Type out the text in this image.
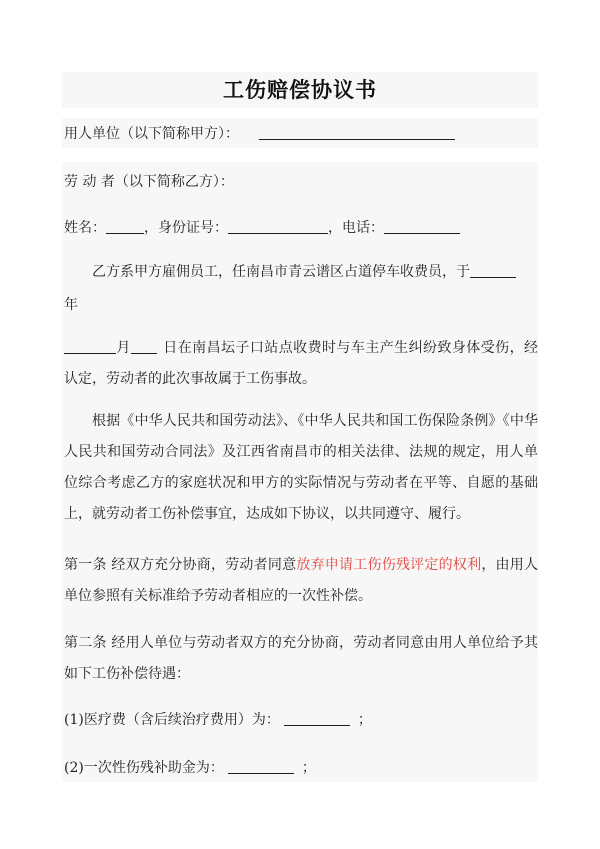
工伤赔偿协议书
用人单位（以下简称甲方）：
劳 动 者（以下简称乙方）：
姓名：	，身份证号：	，电话：
乙方系甲方雇佣员工，任南昌市青云谱区占道停车收费员，于
年
月 日在南昌坛子口站点收费时与车主产生纠纷致身体受伤，经认定，劳动者的此次事故属于工伤事故。
根据《中华人民共和国劳动法》、《中华人民共和国工伤保险条例》《中华人民共和国劳动合同法》及江西省南昌市的相关法律、法规的规定，用人单位综合考虑乙方的家庭状况和甲方的实际情况与劳动者在平等、自愿的基础上，就劳动者工伤补偿事宜，达成如下协议，以共同遵守、履行。
第一条 经双方充分协商，劳动者同意放弃申请工伤伤残评定的权利，由用人单位参照有关标准给予劳动者相应的一次性补偿。
第二条 经用人单位与劳动者双方的充分协商，劳动者同意由用人单位给予其如下工伤补偿待遇：
(1)医疗费（含后续治疗费用）为：	；
(2)一次性伤残补助金为：	；
